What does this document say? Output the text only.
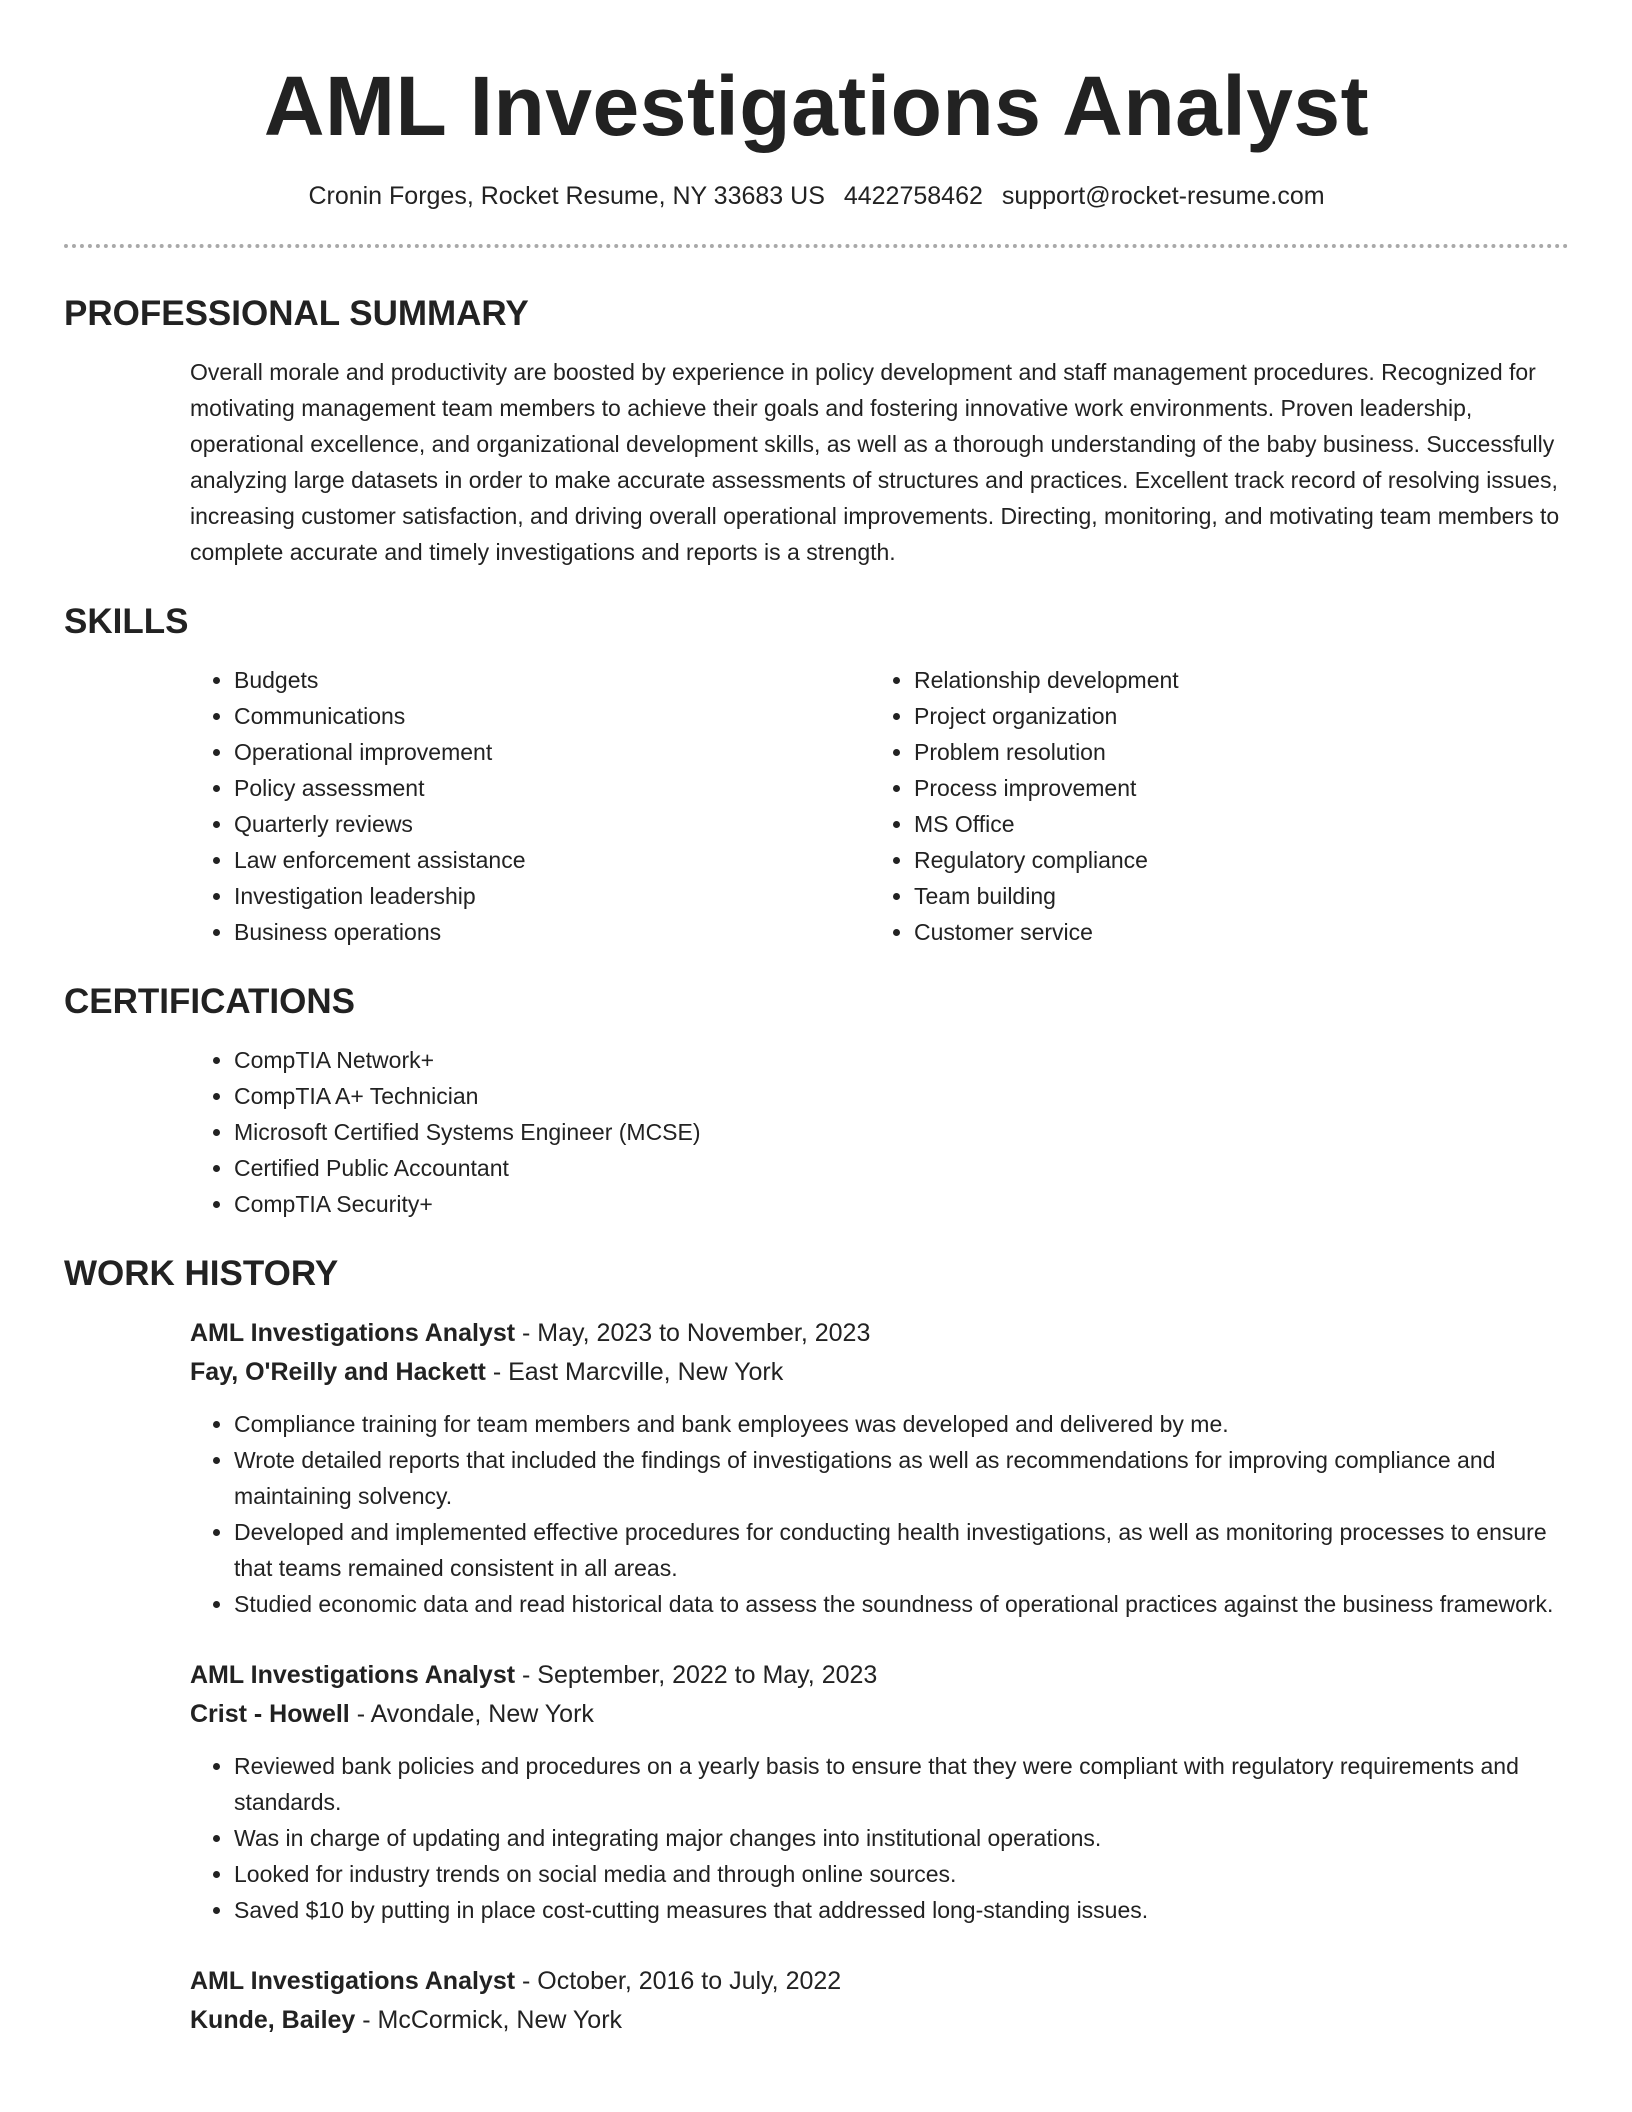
AML Investigations Analyst
Cronin Forges, Rocket Resume, NY 33683 US 4422758462 support@rocket-resume.com
PROFESSIONAL SUMMARY

Overall morale and productivity are boosted by experience in policy development and staff management procedures. Recognized for motivating management team members to achieve their goals and fostering innovative work environments. Proven leadership, operational excellence, and organizational development skills, as well as a thorough understanding of the baby business. Successfully analyzing large datasets in order to make accurate assessments of structures and practices. Excellent track record of resolving issues, increasing customer satisfaction, and driving overall operational improvements. Directing, monitoring, and motivating team members to complete accurate and timely investigations and reports is a strength.

SKILLS
• Budgets
• Communications
• Operational improvement
• Policy assessment
• Quarterly reviews
• Law enforcement assistance
• Investigation leadership
• Business operations
• Relationship development
• Project organization
• Problem resolution
• Process improvement
• MS Office
• Regulatory compliance
• Team building
• Customer service
CERTIFICATIONS
• CompTIA Network+
• CompTIA A+ Technician
• Microsoft Certified Systems Engineer (MCSE)
• Certified Public Accountant
• CompTIA Security+
WORK HISTORY
AML Investigations Analyst - May, 2023 to November, 2023
Fay, O'Reilly and Hackett - East Marcville, New York
• Compliance training for team members and bank employees was developed and delivered by me.
• Wrote detailed reports that included the findings of investigations as well as recommendations for improving compliance and maintaining solvency.
• Developed and implemented effective procedures for conducting health investigations, as well as monitoring processes to ensure that teams remained consistent in all areas.
• Studied economic data and read historical data to assess the soundness of operational practices against the business framework.
AML Investigations Analyst - September, 2022 to May, 2023
Crist - Howell - Avondale, New York
• Reviewed bank policies and procedures on a yearly basis to ensure that they were compliant with regulatory requirements and standards.
• Was in charge of updating and integrating major changes into institutional operations.
• Looked for industry trends on social media and through online sources.
• Saved $10 by putting in place cost-cutting measures that addressed long-standing issues.
AML Investigations Analyst - October, 2016 to July, 2022
Kunde, Bailey - McCormick, New York
